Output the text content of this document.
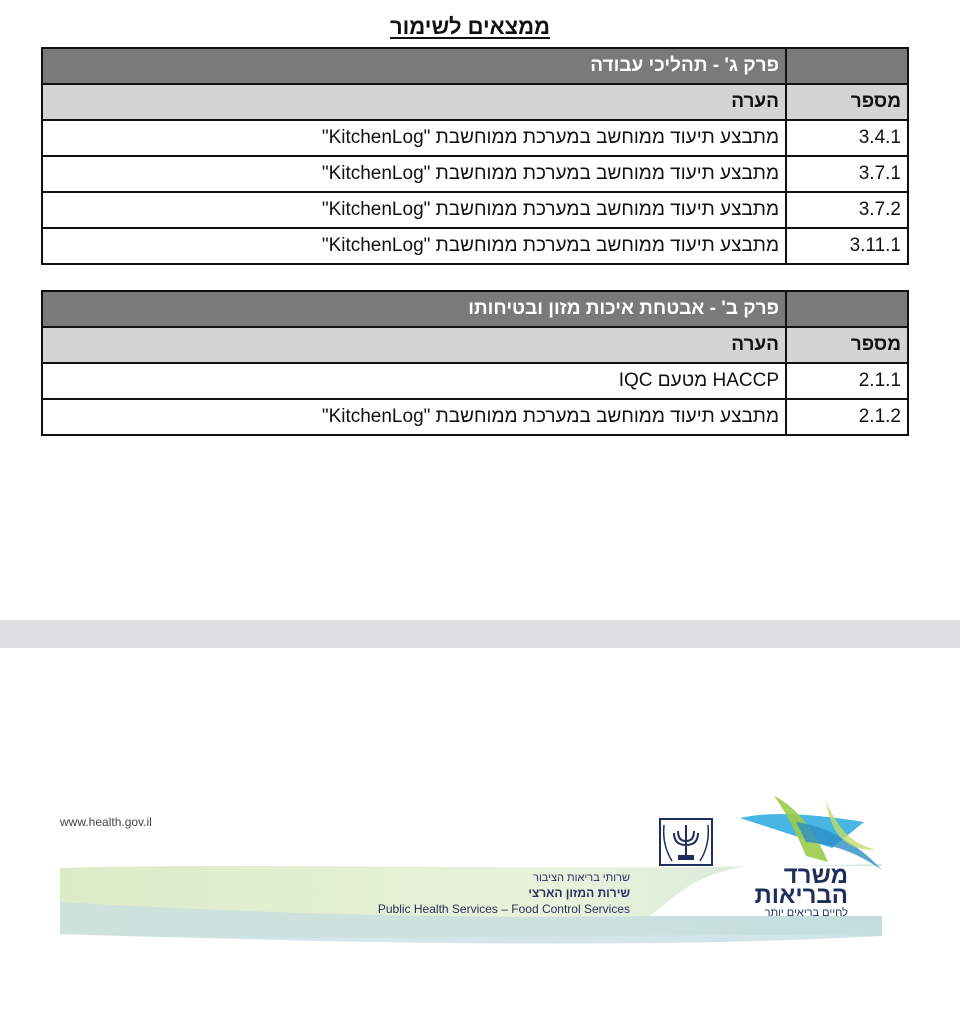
ממצאים לשימור
	פרק ג' - תהליכי עבודה
מספר	הערה
3.4.1	מתבצע תיעוד ממוחשב במערכת ממוחשבת "KitchenLog"
3.7.1	מתבצע תיעוד ממוחשב במערכת ממוחשבת "KitchenLog"
3.7.2	מתבצע תיעוד ממוחשב במערכת ממוחשבת "KitchenLog"
3.11.1	מתבצע תיעוד ממוחשב במערכת ממוחשבת "KitchenLog"
	פרק ב' - אבטחת איכות מזון ובטיחותו
מספר	הערה
2.1.1	HACCP מטעם IQC
2.1.2	מתבצע תיעוד ממוחשב במערכת ממוחשבת "KitchenLog"
www.health.gov.il
שרותי בריאות הציבור
שירות המזון הארצי
Public Health Services – Food Control Services
משרד
הבריאות
לחיים בריאים יותר
